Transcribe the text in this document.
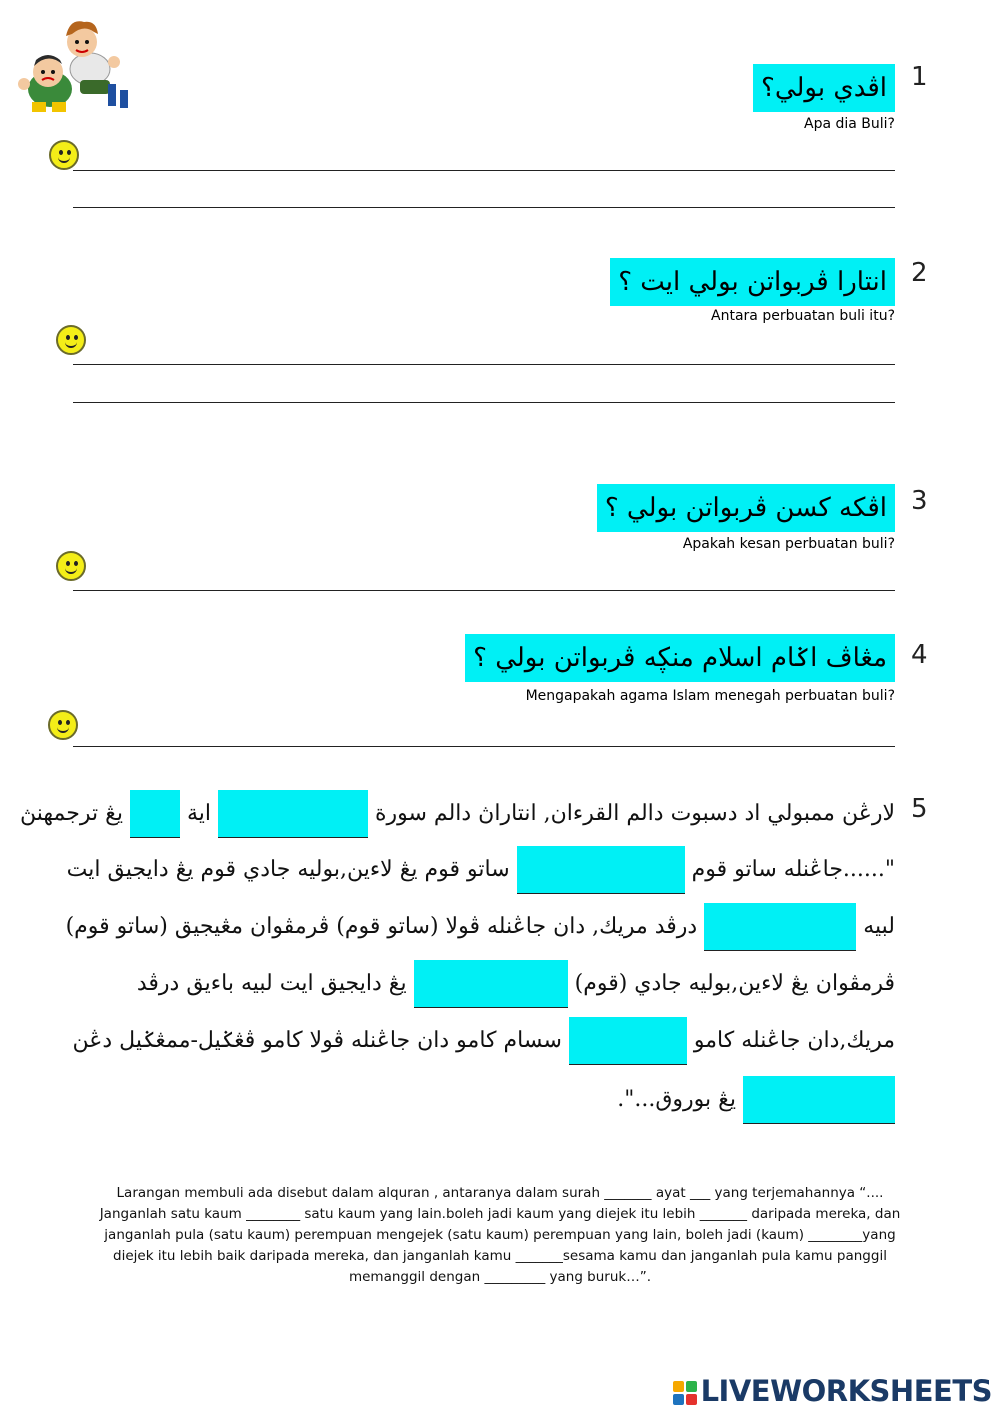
1
اڤدي بولي؟
Apa dia Buli?
2
انتارا ڤربواتن بولي ايت ؟
Antara perbuatan buli itu?
3
اڤكه كسن ڤربواتن بولي ؟
Apakah kesan perbuatan buli?
4
مڠاڤ اݢام اسلام منڮه ڤربواتن بولي ؟
Mengapakah agama Islam menegah perbuatan buli?
5
لارڠن ممبولي اد دسبوت دالم القرءان, انتاراڽ دالم سورة  اية  يڠ ترجمهنڽ
"......جاڠنله ساتو قوم  ساتو قوم يڠ لاءين,بوليه جادي قوم يڠ دايجيق ايت
لبيه  درڤد مريك, دان جاڠنله ڤولا (ساتو قوم) ڤرمڤوان مڠيجيق (ساتو قوم)
ڤرمڤوان يڠ لاءين,بوليه جادي (قوم)  يڠ دايجيق ايت لبيه باءيق درڤد
مريك,دان جاڠنله كامو  سسام كامو دان جاڠنله ڤولا كامو ڤڠݢيل-ممڠݢيل دڠن
يڠ بوروق...".
Larangan membuli ada disebut dalam alquran , antaranya dalam surah _______ ayat ___ yang terjemahannya “....
Janganlah satu kaum ________ satu kaum yang lain.boleh jadi kaum yang diejek itu lebih _______ daripada mereka, dan
janganlah pula (satu kaum) perempuan mengejek (satu kaum) perempuan yang lain, boleh jadi (kaum) ________yang
diejek itu lebih baik daripada mereka, dan janganlah kamu _______sesama kamu dan janganlah pula kamu panggil
memanggil dengan _________ yang buruk…”.
LIVEWORKSHEETS
